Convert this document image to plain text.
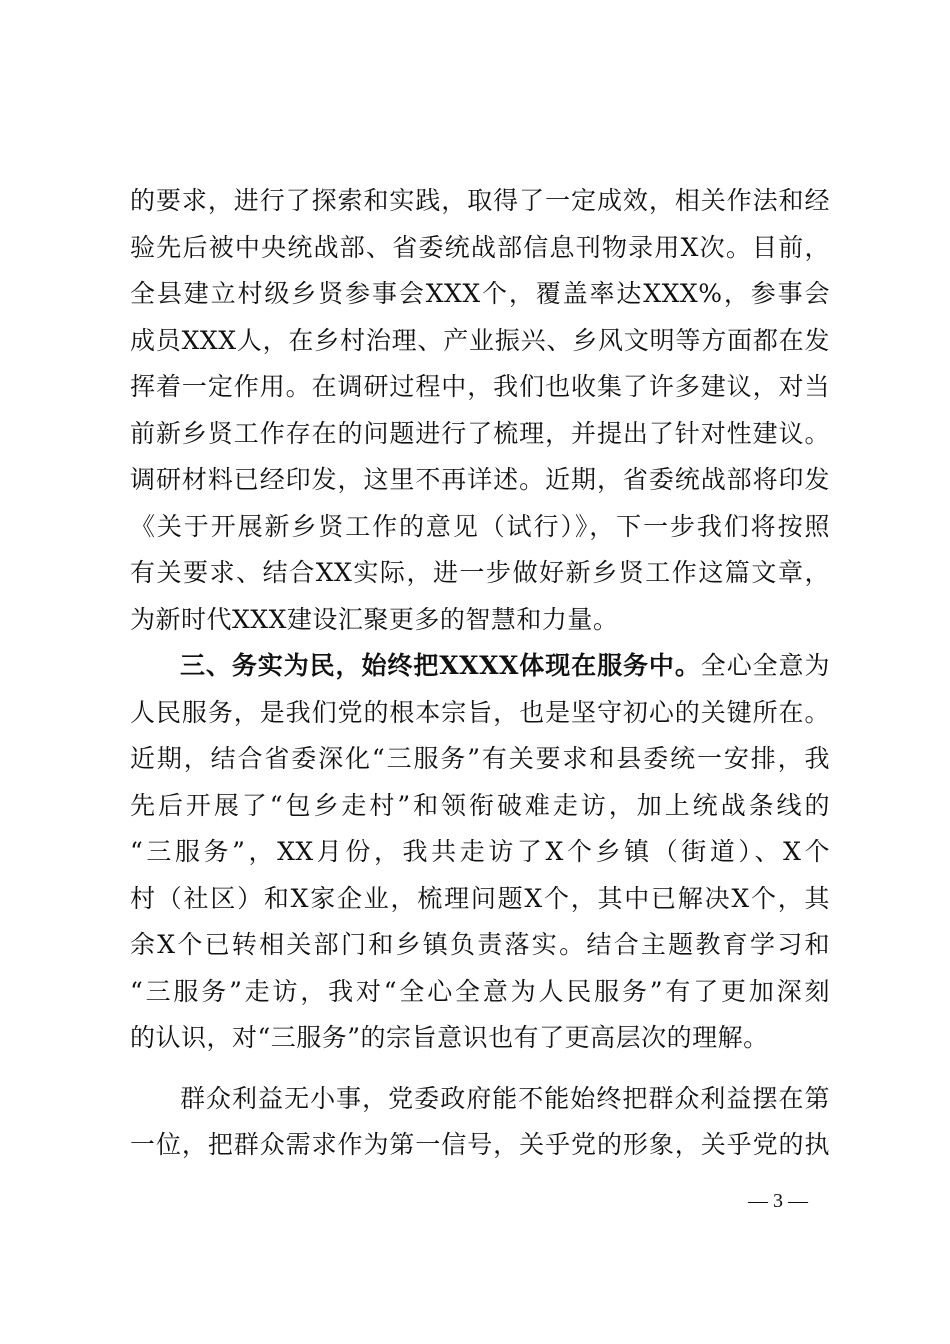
的要求，进行了探索和实践，取得了一定成效，相关作法和经
验先后被中央统战部、省委统战部信息刊物录用X次。目前，
全县建立村级乡贤参事会XXX个，覆盖率达XXX%，参事会
成员XXX人，在乡村治理、产业振兴、乡风文明等方面都在发
挥着一定作用。在调研过程中，我们也收集了许多建议，对当
前新乡贤工作存在的问题进行了梳理，并提出了针对性建议。
调研材料已经印发，这里不再详述。近期，省委统战部将印发
《关于开展新乡贤工作的意见（试行）》，下一步我们将按照
有关要求、结合XX实际，进一步做好新乡贤工作这篇文章，
为新时代XXX建设汇聚更多的智慧和力量。
三、务实为民，始终把XXXX体现在服务中。全心全意为
人民服务，是我们党的根本宗旨，也是坚守初心的关键所在。
近期，结合省委深化“三服务”有关要求和县委统一安排，我
先后开展了“包乡走村”和领衔破难走访，加上统战条线的
“三服务”，XX月份，我共走访了X个乡镇（街道）、X个
村（社区）和X家企业，梳理问题X个，其中已解决X个，其
余X个已转相关部门和乡镇负责落实。结合主题教育学习和
“三服务”走访，我对“全心全意为人民服务”有了更加深刻
的认识，对“三服务”的宗旨意识也有了更高层次的理解。
群众利益无小事，党委政府能不能始终把群众利益摆在第
一位，把群众需求作为第一信号，关乎党的形象，关乎党的执
— 3 —
